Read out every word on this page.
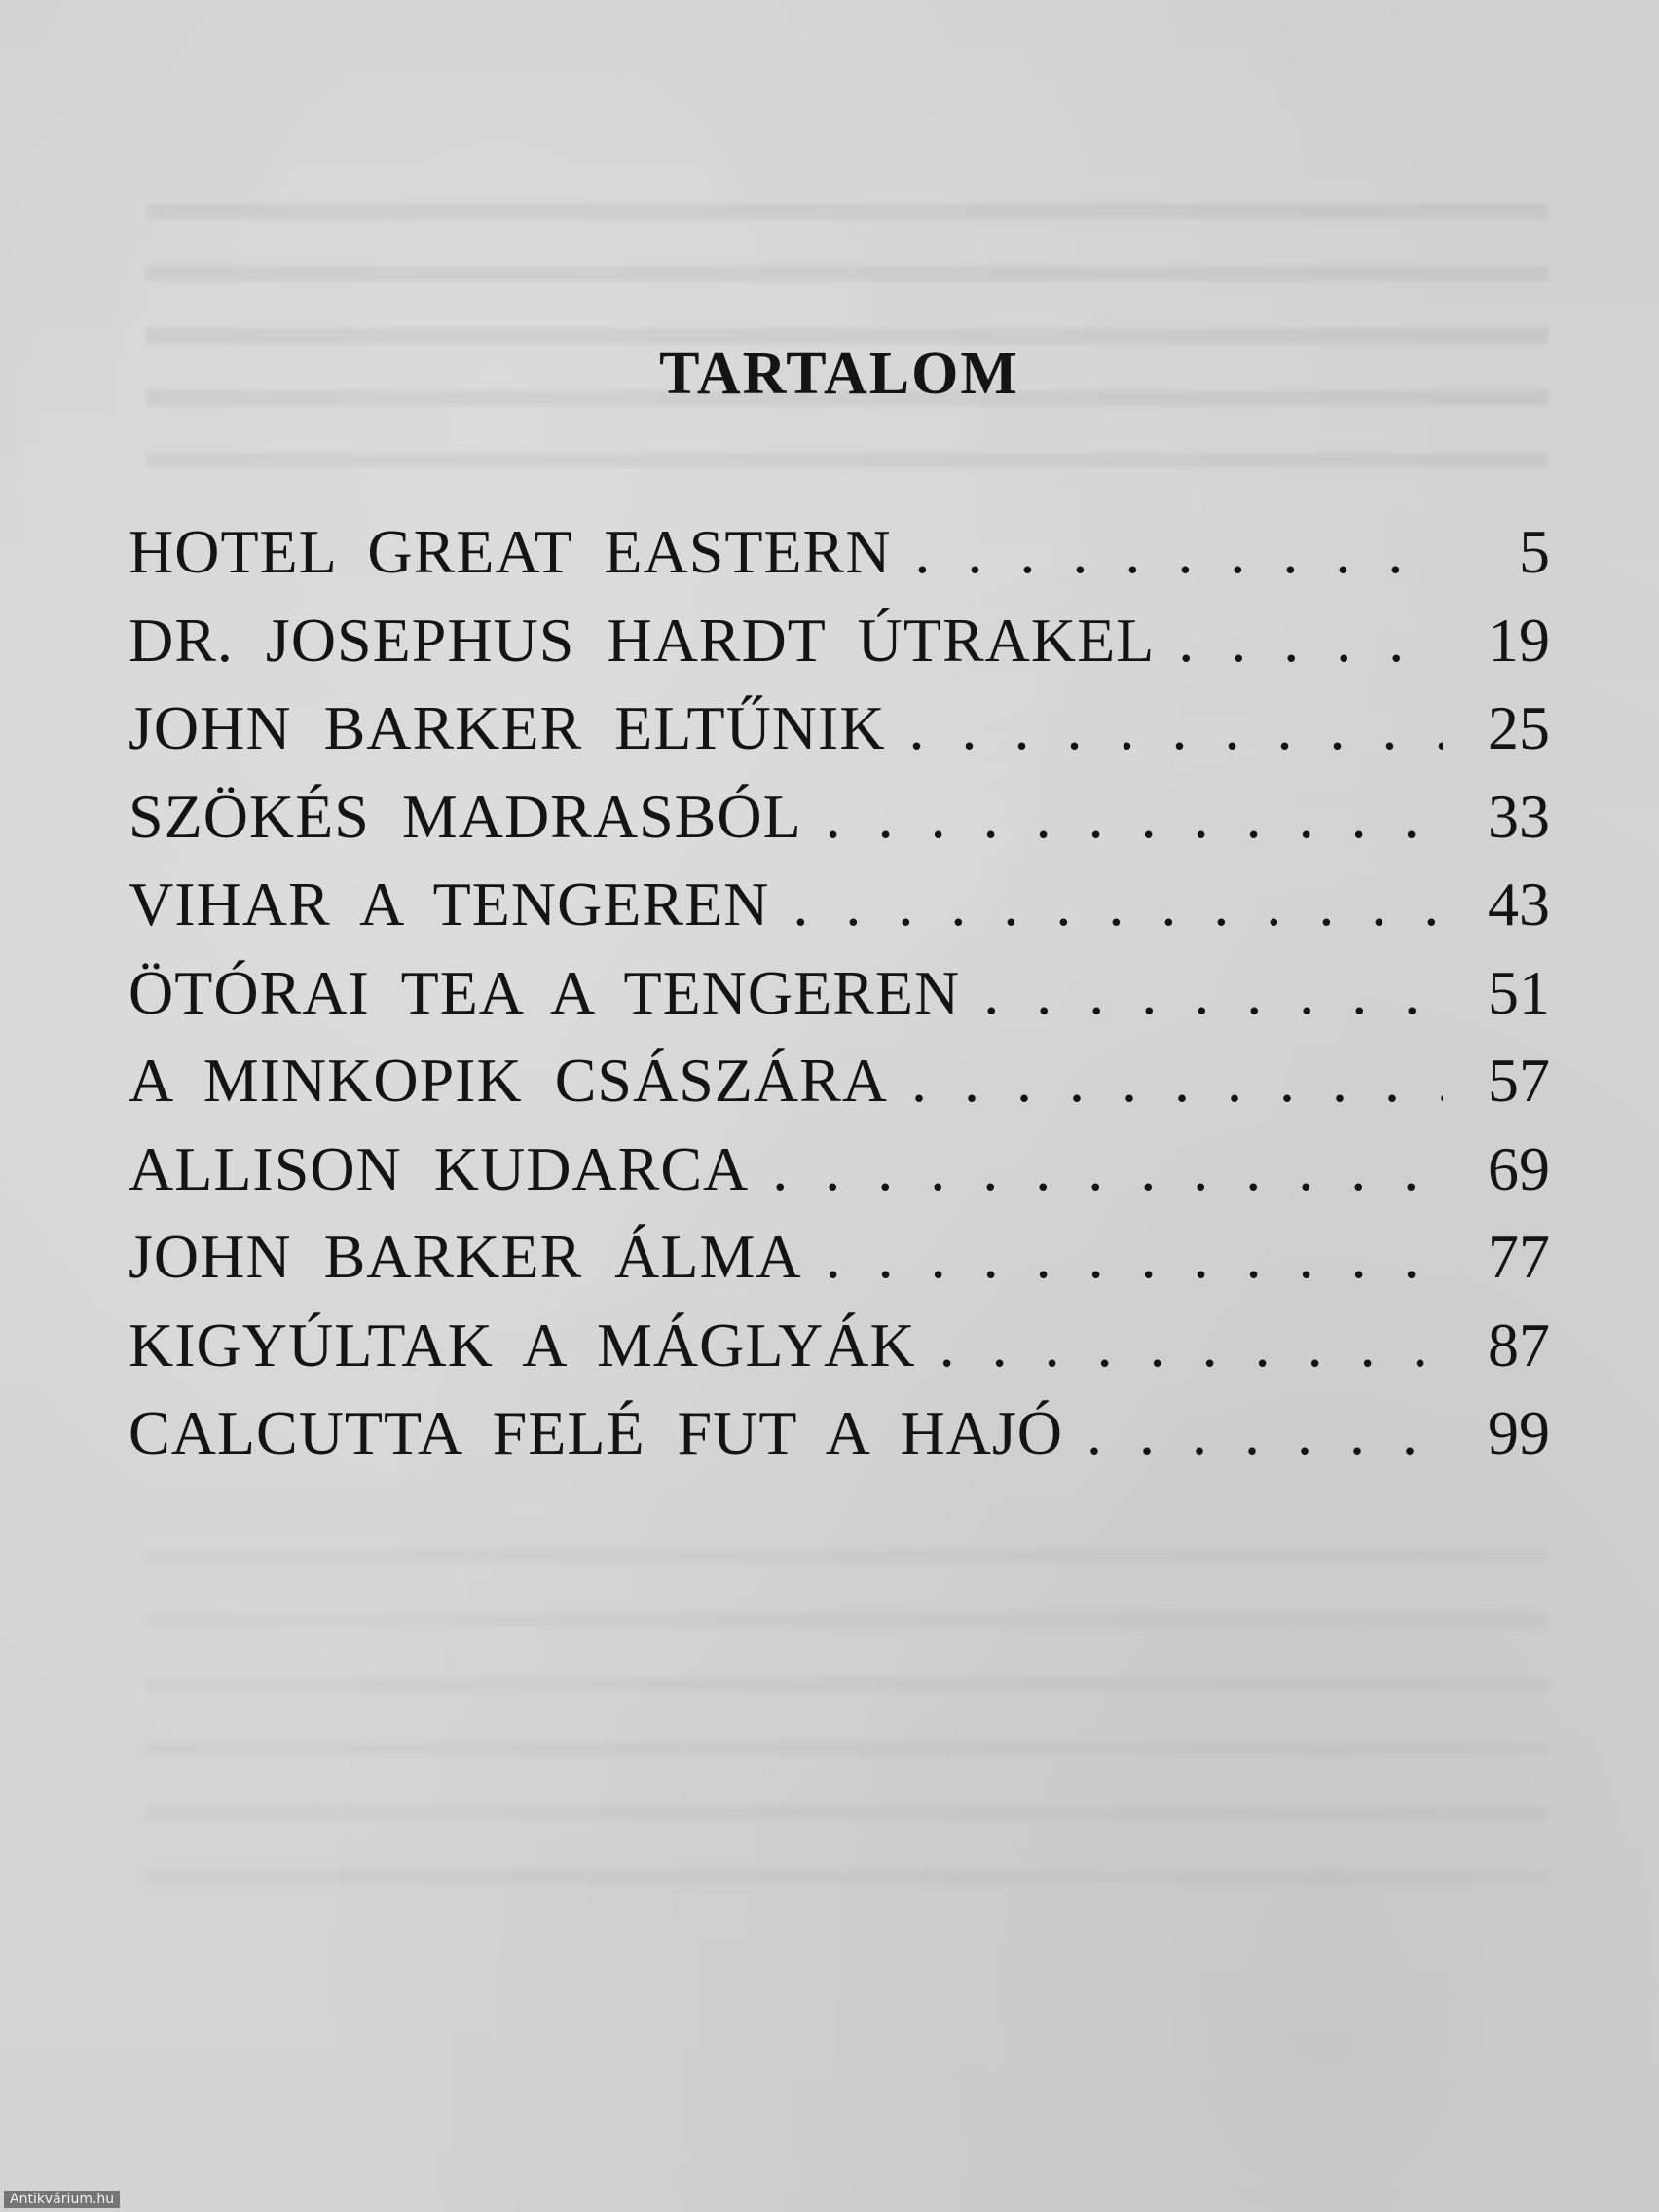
TARTALOM
HOTEL GREAT EASTERN . . .	5
DR. JOSEPHUS HARDT ÚTRAKEL . . .	19
JOHN BARKER ELTŰNIK . . .	25
SZÖKÉS MADRASBÓL . . .	33
VIHAR A TENGEREN . . .	43
ÖTÓRAI TEA A TENGEREN . . .	51
A MINKOPIK CSÁSZÁRA . . .	57
ALLISON KUDARCA . . .	69
JOHN BARKER ÁLMA . . .	77
KIGYÚLTAK A MÁGLYÁK . . .	87
CALCUTTA FELÉ FUT A HAJÓ . . .	99
Antikvárium.hu
